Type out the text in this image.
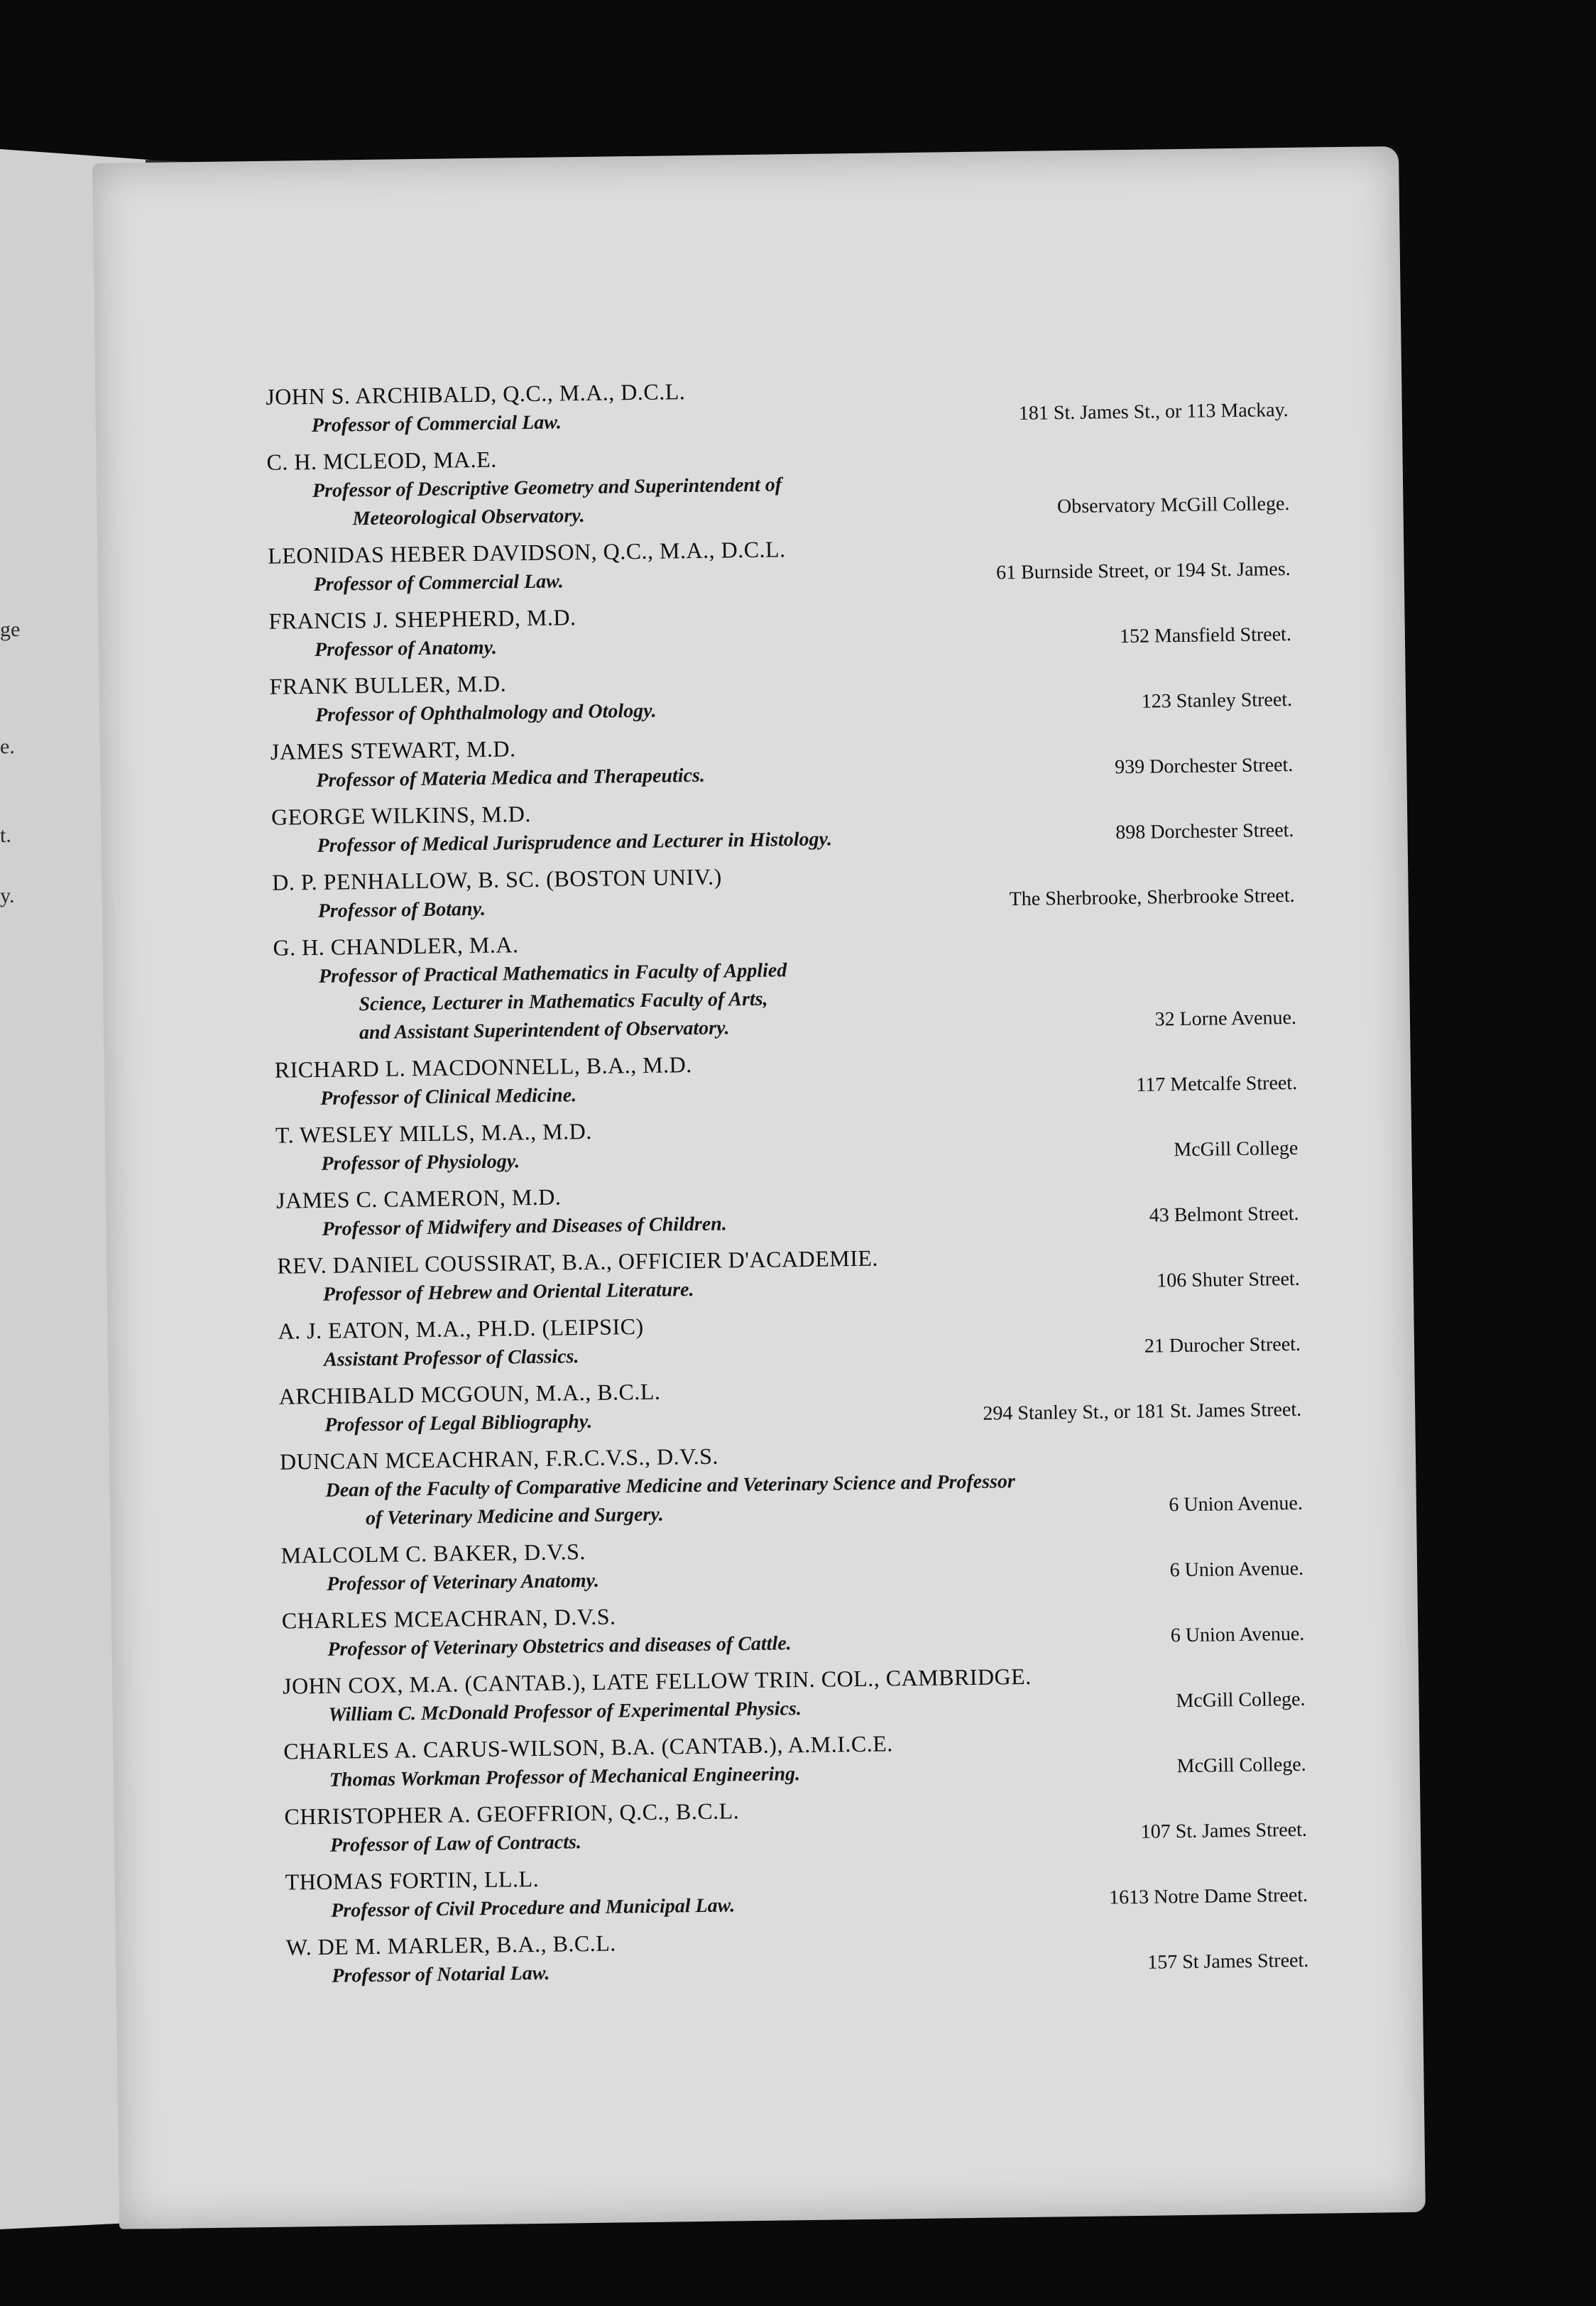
ge
e.
t.
y.
JOHN S. ARCHIBALD, Q.C., M.A., D.C.L.
Professor of Commercial Law.	181 St. James St., or 113 Mackay.
C. H. MCLEOD, MA.E.
Professor of Descriptive Geometry and Superintendent of
Meteorological Observatory.	Observatory McGill College.
LEONIDAS HEBER DAVIDSON, Q.C., M.A., D.C.L.
Professor of Commercial Law.	61 Burnside Street, or 194 St. James.
FRANCIS J. SHEPHERD, M.D.
Professor of Anatomy.
152 Mansfield Street.
FRANK BULLER, M.D.
Professor of Ophthalmology and Otology.	123 Stanley Street.
JAMES STEWART, M.D.
Professor of Materia Medica and Therapeutics.	939 Dorchester Street.
GEORGE WILKINS, M.D.
Professor of Medical Jurisprudence and Lecturer in Histology.	898 Dorchester Street.
D. P. PENHALLOW, B. SC. (BOSTON UNIV.)
Professor of Botany.	The Sherbrooke, Sherbrooke Street.
G. H. CHANDLER, M.A.
Professor of Practical Mathematics in Faculty of Applied
Science, Lecturer in Mathematics Faculty of Arts,
and Assistant Superintendent of Observatory.	32 Lorne Avenue.
RICHARD L. MACDONNELL, B.A., M.D.
Professor of Clinical Medicine.
117 Metcalfe Street.
T. WESLEY MILLS, M.A., M.D.
Professor of Physiology.
McGill College
JAMES C. CAMERON, M.D.
Professor of Midwifery and Diseases of Children.	43 Belmont Street.
REV. DANIEL COUSSIRAT, B.A., OFFICIER D'ACADEMIE.
Professor of Hebrew and Oriental Literature.	106 Shuter Street.
A. J. EATON, M.A., PH.D. (LEIPSIC)
Assistant Professor of Classics.
21 Durocher Street.
ARCHIBALD MCGOUN, M.A., B.C.L.
Professor of Legal Bibliography.	294 Stanley St., or 181 St. James Street.
DUNCAN MCEACHRAN, F.R.C.V.S., D.V.S.
Dean of the Faculty of Comparative Medicine and Veterinary Science and Professor
of Veterinary Medicine and Surgery.	6 Union Avenue.
MALCOLM C. BAKER, D.V.S.
Professor of Veterinary Anatomy.
6 Union Avenue.
CHARLES MCEACHRAN, D.V.S.
Professor of Veterinary Obstetrics and diseases of Cattle.	6 Union Avenue.
JOHN COX, M.A. (CANTAB.), LATE FELLOW TRIN. COL., CAMBRIDGE.
William C. McDonald Professor of Experimental Physics.	McGill College.
CHARLES A. CARUS-WILSON, B.A. (CANTAB.), A.M.I.C.E.
Thomas Workman Professor of Mechanical Engineering.	McGill College.
CHRISTOPHER A. GEOFFRION, Q.C., B.C.L.
Professor of Law of Contracts.
107 St. James Street.
THOMAS FORTIN, LL.L.
Professor of Civil Procedure and Municipal Law.	1613 Notre Dame Street.
W. DE M. MARLER, B.A., B.C.L.
Professor of Notarial Law.
157 St James Street.
